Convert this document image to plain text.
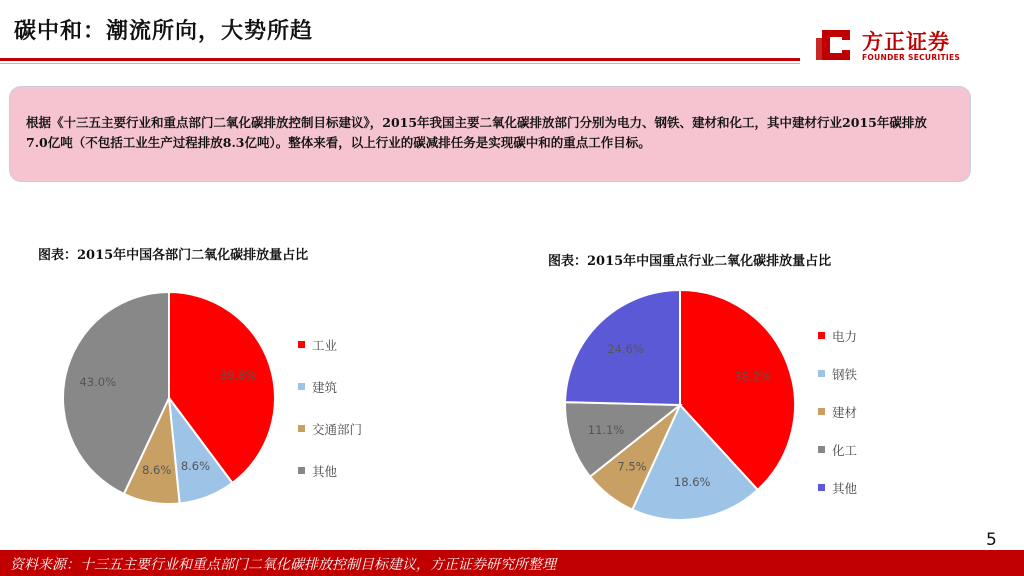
碳中和：潮流所向，大势所趋	方正证券
FOUNDER SECURITIES
根据《十三五主要行业和重点部门二氧化碳排放控制目标建议》，2015年我国主要二氧化碳排放部门分别为电力、钢铁、建材和化工，其中建材行业2015年碳排放7.0亿吨（不包括工业生产过程排放8.3亿吨）。整体来看，以上行业的碳减排任务是实现碳中和的重点工作目标。
图表：2015年中国各部门二氧化碳排放量占比	图表：2015年中国重点行业二氧化碳排放量占比
39.8%
8.6%
8.6%
43.0%	38.2%
18.6%
7.5%
11.1%
24.6%
工业
建筑
交通部门
其他
电力
钢铁
建材
化工
其他
5
资料来源：十三五主要行业和重点部门二氧化碳排放控制目标建议，方正证券研究所整理
